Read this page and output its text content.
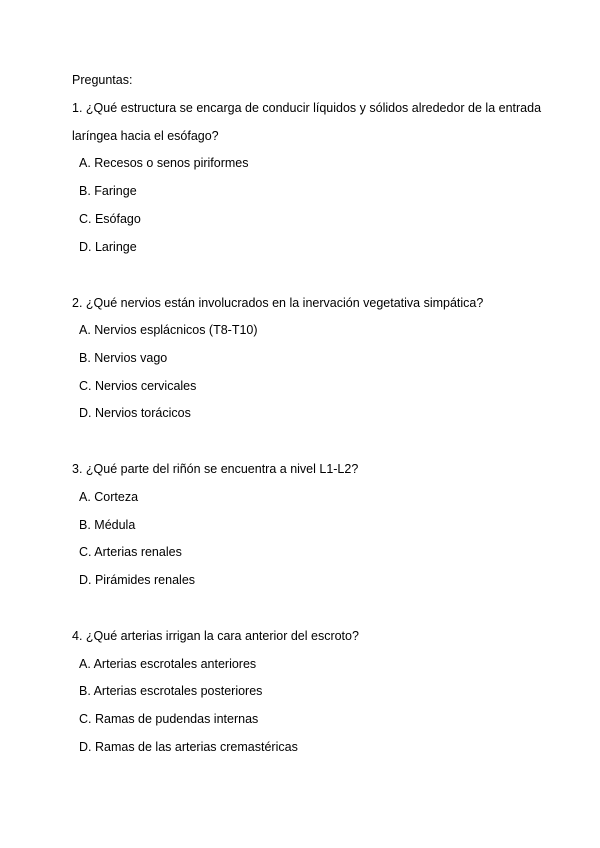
Preguntas:
1. ¿Qué estructura se encarga de conducir líquidos y sólidos alrededor de la entrada
laríngea hacia el esófago?
A. Recesos o senos piriformes
B. Faringe
C. Esófago
D. Laringe
2. ¿Qué nervios están involucrados en la inervación vegetativa simpática?
A. Nervios esplácnicos (T8-T10)
B. Nervios vago
C. Nervios cervicales
D. Nervios torácicos
3. ¿Qué parte del riñón se encuentra a nivel L1-L2?
A. Corteza
B. Médula
C. Arterias renales
D. Pirámides renales
4. ¿Qué arterias irrigan la cara anterior del escroto?
A. Arterias escrotales anteriores
B. Arterias escrotales posteriores
C. Ramas de pudendas internas
D. Ramas de las arterias cremastéricas
